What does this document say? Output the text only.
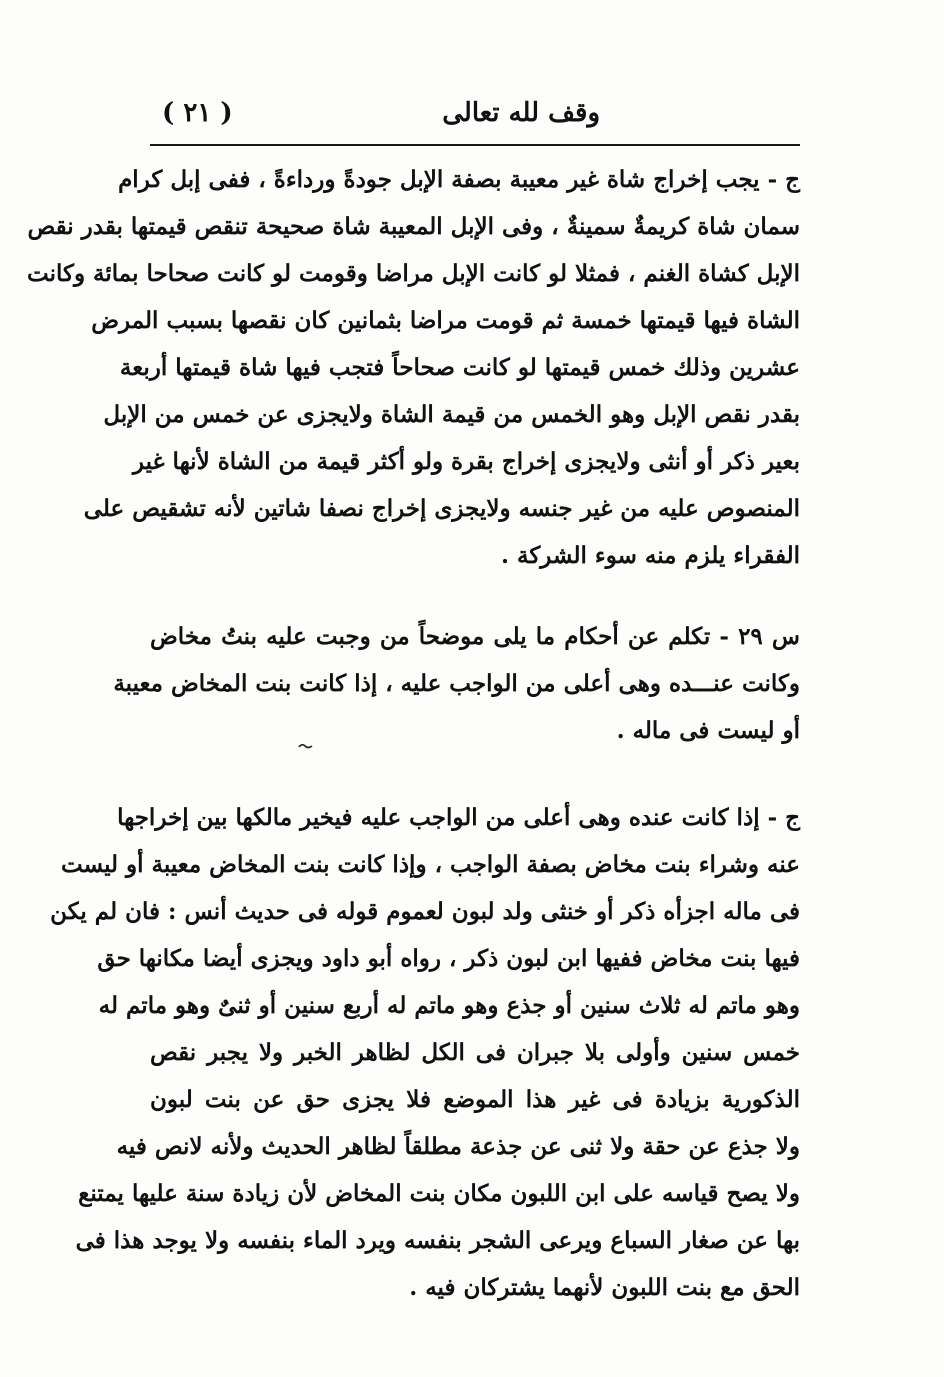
وقف لله تعالى
( ٢١ )

ج - يجب إخراج شاة غير معيبة بصفة الإبل جودةً ورداءةً ، ففى إبل كرام
سمان شاة كريمةٌ سمينةٌ ، وفى الإبل المعيبة شاة صحيحة تنقص قيمتها بقدر نقص
الإبل كشاة الغنم ، فمثلا لو كانت الإبل مراضا وقومت لو كانت صحاحا بمائة وكانت
الشاة فيها قيمتها خمسة ثم قومت مراضا بثمانين كان نقصها بسبب المرض
عشرين وذلك خمس قيمتها لو كانت صحاحاً فتجب فيها شاة قيمتها أربعة
بقدر نقص الإبل وهو الخمس من قيمة الشاة ولايجزى عن خمس من الإبل
بعير ذكر أو أنثى ولايجزى إخراج بقرة ولو أكثر قيمة من الشاة لأنها غير
المنصوص عليه من غير جنسه ولايجزى إخراج نصفا شاتين لأنه تشقيص على
الفقراء يلزم منه سوء الشركة .

س ٢٩ - تكلم عن أحكام ما يلى موضحاً من وجبت عليه بنتُ مخاض
وكانت عنـــده وهى أعلى من الواجب عليه ، إذا كانت بنت المخاض معيبة
أو ليست فى ماله .

ج - إذا كانت عنده وهى أعلى من الواجب عليه فيخير مالكها بين إخراجها
عنه وشراء بنت مخاض بصفة الواجب ، وإذا كانت بنت المخاض معيبة أو ليست
فى ماله اجزأه ذكر أو خنثى ولد لبون لعموم قوله فى حديث أنس : فان لم يكن
فيها بنت مخاض ففيها ابن لبون ذكر ، رواه أبو داود ويجزى أيضا مكانها حق
وهو ماتم له ثلاث سنين أو جذع وهو ماتم له أربع سنين أو ثنىٌ وهو ماتم له
خمس سنين وأولى بلا جبران فى الكل لظاهر الخبر ولا يجبر نقص
الذكورية بزيادة فى غير هذا الموضع فلا يجزى حق عن بنت لبون
ولا جذع عن حقة ولا ثنى عن جذعة مطلقاً لظاهر الحديث ولأنه لانص فيه
ولا يصح قياسه على ابن اللبون مكان بنت المخاض لأن زيادة سنة عليها يمتنع
بها عن صغار السباع ويرعى الشجر بنفسه ويرد الماء بنفسه ولا يوجد هذا فى
الحق مع بنت اللبون لأنهما يشتركان فيه .
